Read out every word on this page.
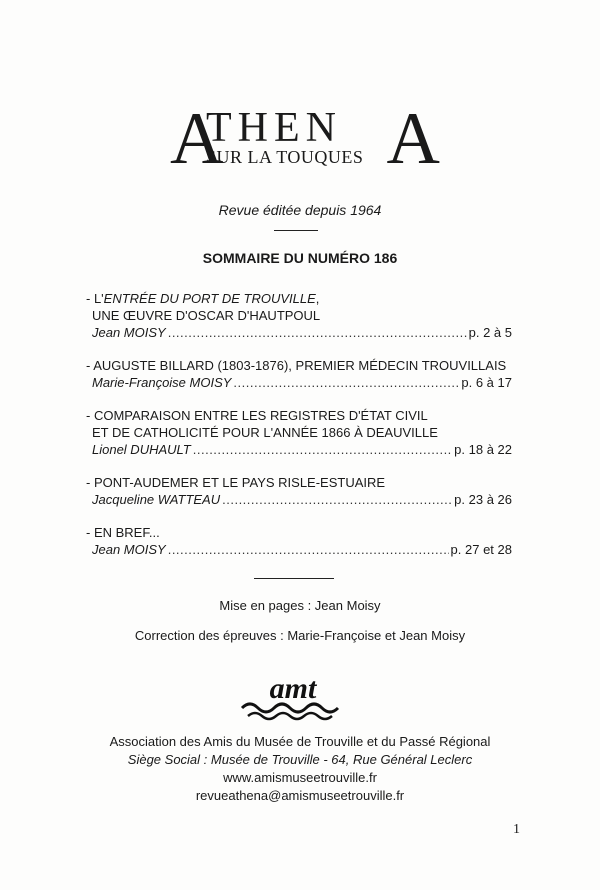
A
THEN
SUR LA TOUQUES A
Revue éditée depuis 1964
SOMMAIRE DU NUMÉRO 186
- L'ENTRÉE DU PORT DE TROUVILLE,
UNE ŒUVRE D'OSCAR D'HAUTPOUL
Jean MOISY .....	p. 2 à 5
- AUGUSTE BILLARD (1803-1876), PREMIER MÉDECIN TROUVILLAIS
Marie-Françoise MOISY .....	p. 6 à 17
- COMPARAISON ENTRE LES REGISTRES D'ÉTAT CIVIL
ET DE CATHOLICITÉ POUR L'ANNÉE 1866 À DEAUVILLE
Lionel DUHAULT .....	p. 18 à 22
- PONT-AUDEMER ET LE PAYS RISLE-ESTUAIRE
Jacqueline WATTEAU .....	p. 23 à 26
- EN BREF...
Jean MOISY .....	p. 27 et 28
Mise en pages : Jean Moisy
Correction des épreuves : Marie-Françoise et Jean Moisy
amt
Association des Amis du Musée de Trouville et du Passé Régional
Siège Social : Musée de Trouville - 64, Rue Général Leclerc
www.amismuseetrouville.fr
revueathena@amismuseetrouville.fr
1
